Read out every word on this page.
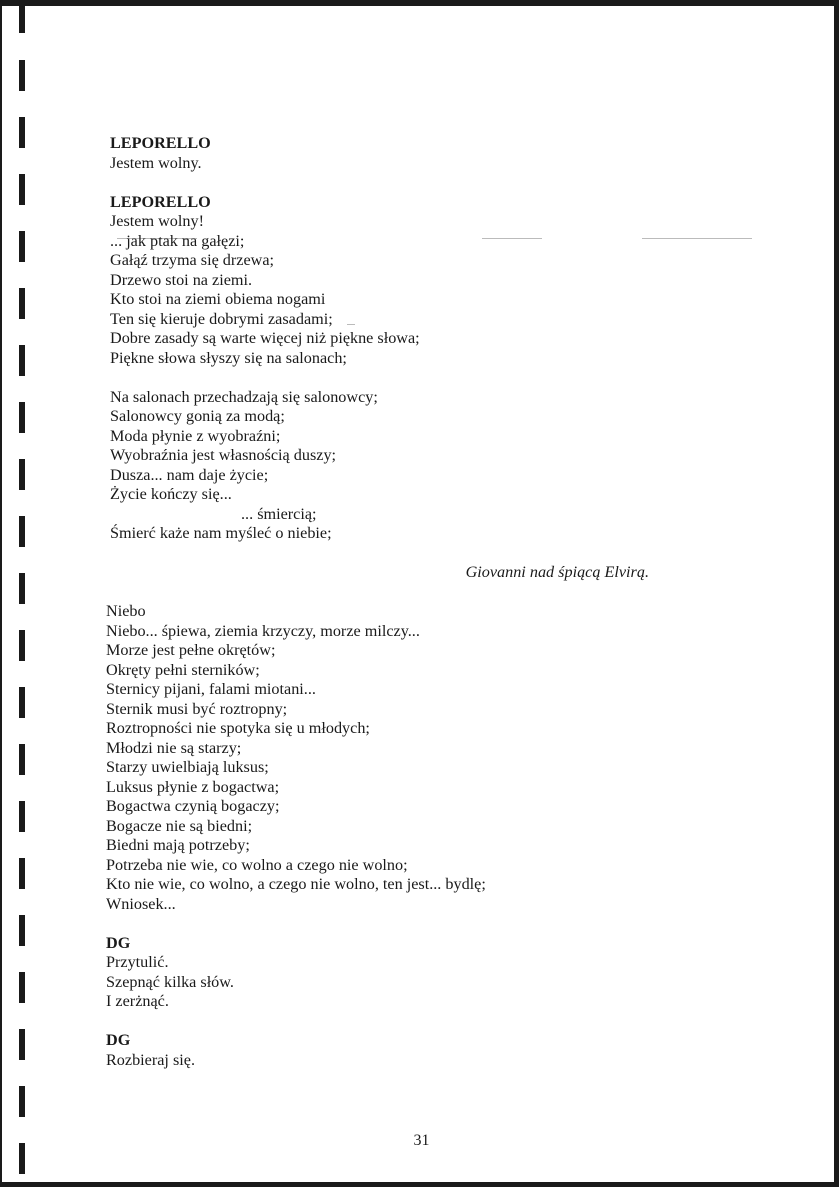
LEPORELLO
Jestem wolny.
LEPORELLO
Jestem wolny!
... jak ptak na gałęzi;
Gałąź trzyma się drzewa;
Drzewo stoi na ziemi.
Kto stoi na ziemi obiema nogami
Ten się kieruje dobrymi zasadami;
Dobre zasady są warte więcej niż piękne słowa;
Piękne słowa słyszy się na salonach;
Na salonach przechadzają się salonowcy;
Salonowcy gonią za modą;
Moda płynie z wyobraźni;
Wyobraźnia jest własnością duszy;
Dusza... nam daje życie;
Życie kończy się...
... śmiercią;
Śmierć każe nam myśleć o niebie;
Giovanni nad śpiącą Elvirą.
Niebo
Niebo... śpiewa, ziemia krzyczy, morze milczy...
Morze jest pełne okrętów;
Okręty pełni sterników;
Sternicy pijani, falami miotani...
Sternik musi być roztropny;
Roztropności nie spotyka się u młodych;
Młodzi nie są starzy;
Starzy uwielbiają luksus;
Luksus płynie z bogactwa;
Bogactwa czynią bogaczy;
Bogacze nie są biedni;
Biedni mają potrzeby;
Potrzeba nie wie, co wolno a czego nie wolno;
Kto nie wie, co wolno, a czego nie wolno, ten jest... bydlę;
Wniosek...
DG
Przytulić.
Szepnąć kilka słów.
I zerżnąć.
DG
Rozbieraj się.
31
